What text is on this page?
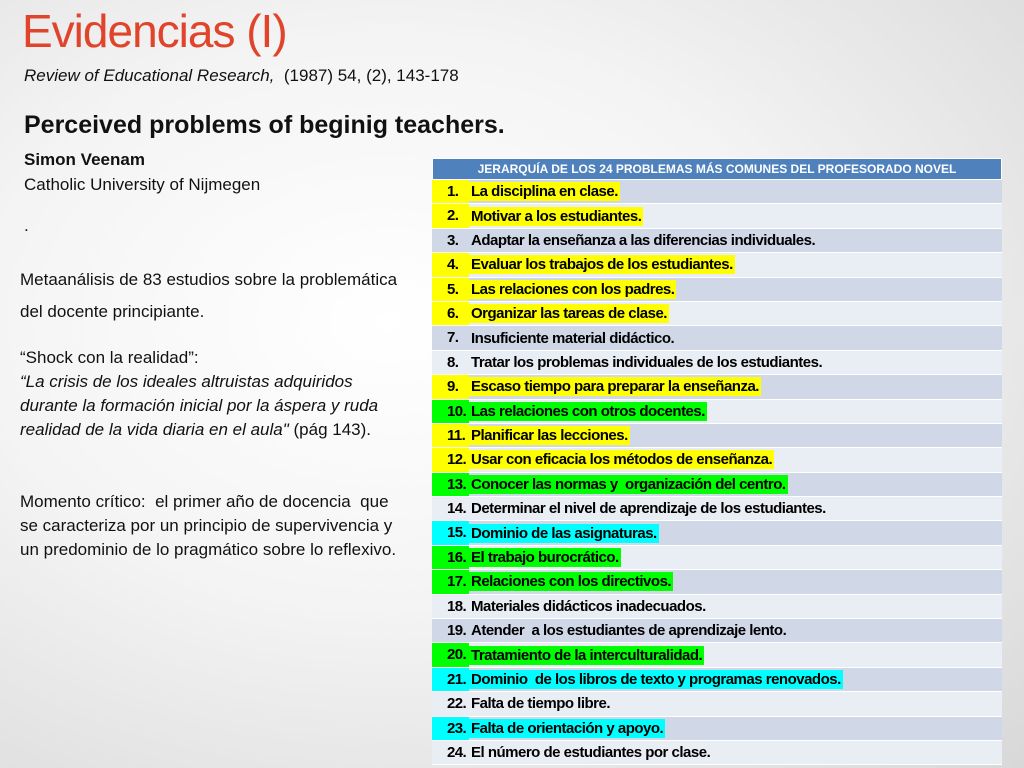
Evidencias (I)
Review of Educational Research,  (1987) 54, (2), 143-178
Perceived problems of beginig teachers.
Simon Veenam
Catholic University of Nijmegen
.
Metaanálisis de 83 estudios sobre la problemática del docente principiante.
“Shock con la realidad”:
“La crisis de los ideales altruistas adquiridos durante la formación inicial por la áspera y ruda realidad de la vida diaria en el aula" (pág 143).
Momento crítico:  el primer año de docencia  que se caracteriza por un principio de supervivencia y un predominio de lo pragmático sobre lo reflexivo.
JERARQUÍA DE LOS 24 PROBLEMAS MÁS COMUNES DEL PROFESORADO NOVEL
1. La disciplina en clase.
2. Motivar a los estudiantes.
3. Adaptar la enseñanza a las diferencias individuales.
4. Evaluar los trabajos de los estudiantes.
5. Las relaciones con los padres.
6. Organizar las tareas de clase.
7. Insuficiente material didáctico.
8. Tratar los problemas individuales de los estudiantes.
9. Escaso tiempo para preparar la enseñanza.
10. Las relaciones con otros docentes.
11. Planificar las lecciones.
12. Usar con eficacia los métodos de enseñanza.
13. Conocer las normas y  organización del centro.
14. Determinar el nivel de aprendizaje de los estudiantes.
15. Dominio de las asignaturas.
16. El trabajo burocrático.
17. Relaciones con los directivos.
18. Materiales didácticos inadecuados.
19. Atender  a los estudiantes de aprendizaje lento.
20. Tratamiento de la interculturalidad.
21. Dominio  de los libros de texto y programas renovados.
22. Falta de tiempo libre.
23. Falta de orientación y apoyo.
24. El número de estudiantes por clase.
